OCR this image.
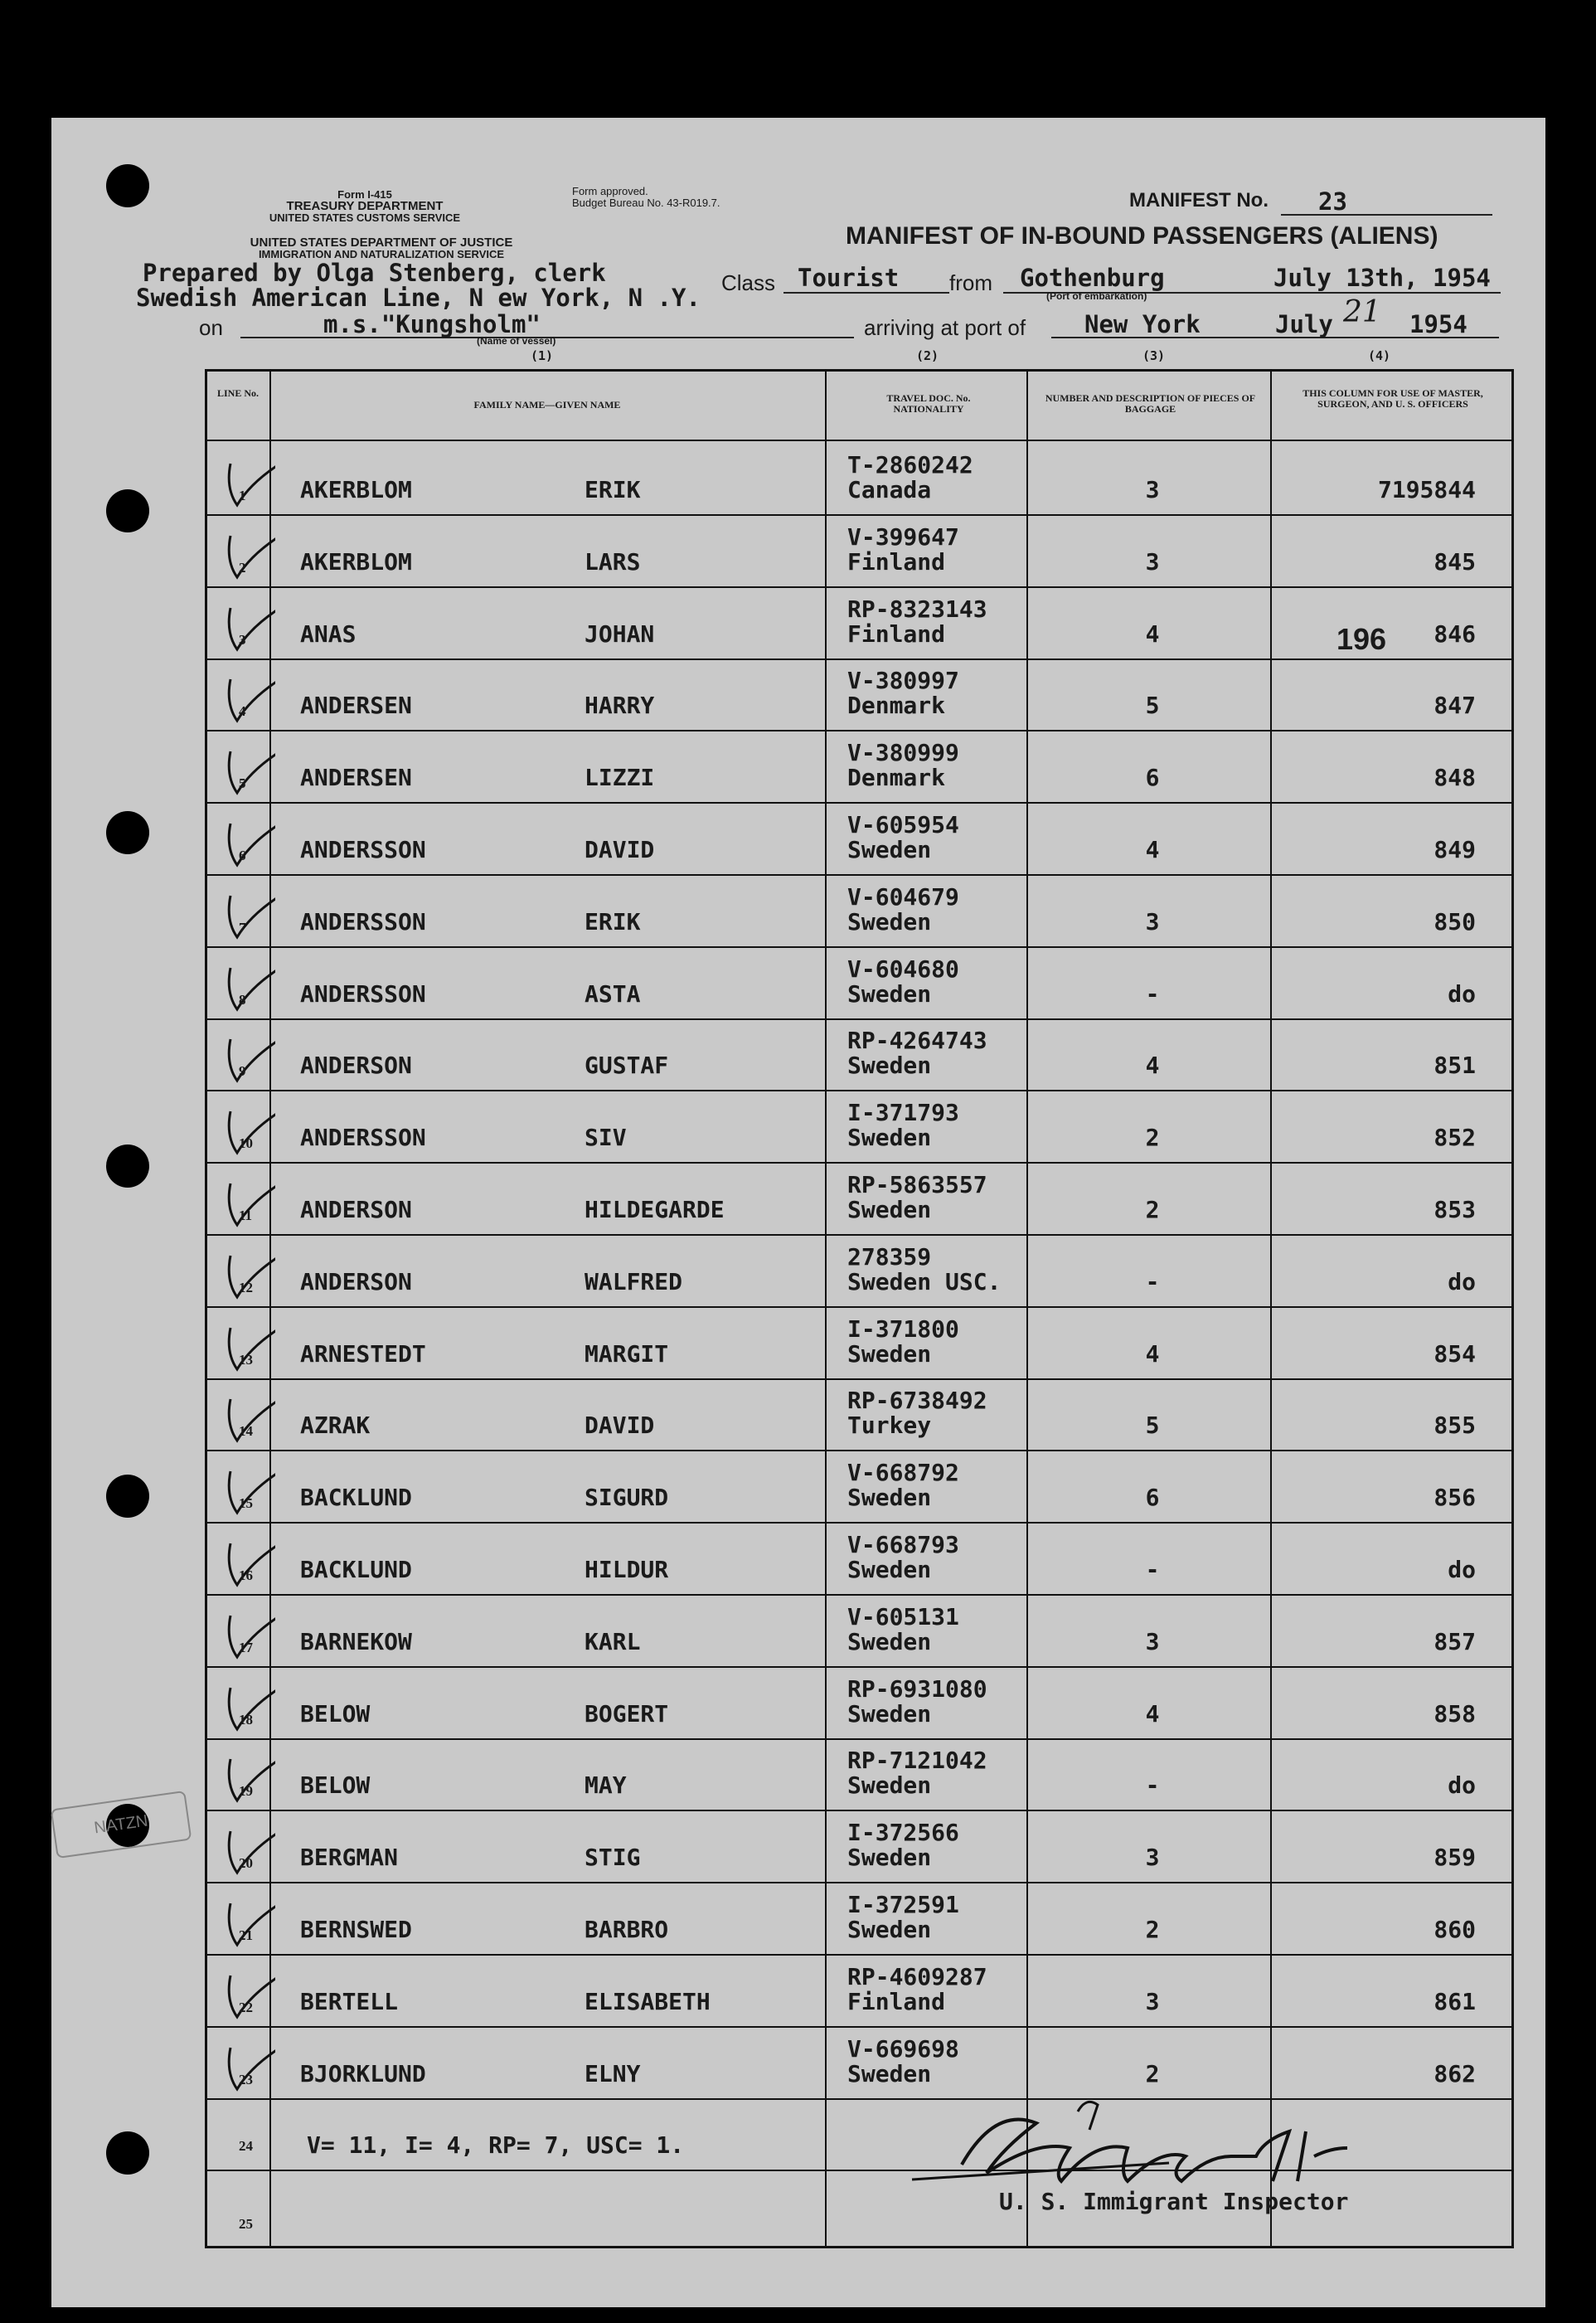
Form I-415
TREASURY DEPARTMENT
UNITED STATES CUSTOMS SERVICE
Form approved.
Budget Bureau No. 43-R019.7.
UNITED STATES DEPARTMENT OF JUSTICE
IMMIGRATION AND NATURALIZATION SERVICE
MANIFEST No. 23
MANIFEST OF IN-BOUND PASSENGERS (ALIENS)
Prepared by Olga Stenberg, clerk
Swedish American Line, N ew York, N .Y.
Class Tourist from Gothenburg
(Port of embarkation)
July 13th, 1954
on	m.s."Kungsholm"
(Name of vessel)
arriving at port of New York	July 21 1954
(1)	(2)	(3)	(4)
LINE No.
FAMILY NAME—GIVEN NAME
TRAVEL DOC. No. NATIONALITY
NUMBER AND DESCRIPTION OF PIECES OF BAGGAGE
THIS COLUMN FOR USE OF MASTER, SURGEON, AND U. S. OFFICERS
1 AKERBLOM	ERIK
T-2860242
Canada	3	7195844
2 AKERBLOM	LARS
V-399647
Finland	3	845
3 ANAS	JOHAN
RP-8323143
Finland	4	846
4 ANDERSEN	HARRY
V-380997
Denmark	5	847
5 ANDERSEN	LIZZI
V-380999
Denmark	6	848
6 ANDERSSON	DAVID
V-605954
Sweden	4	849
7 ANDERSSON	ERIK
V-604679
Sweden	3	850
8 ANDERSSON	ASTA
V-604680
Sweden	-	do
9 ANDERSON	GUSTAF
RP-4264743
Sweden	4	851
10 ANDERSSON	SIV
I-371793
Sweden	2	852
11 ANDERSON	HILDEGARDE
RP-5863557
Sweden	2	853
12 ANDERSON	WALFRED
278359
Sweden USC.	-	do
13 ARNESTEDT	MARGIT
I-371800
Sweden	4	854
14 AZRAK	DAVID
RP-6738492
Turkey	5	855
15 BACKLUND	SIGURD
V-668792
Sweden	6	856
16 BACKLUND	HILDUR
V-668793
Sweden	-	do
17 BARNEKOW	KARL
V-605131
Sweden	3	857
18 BELOW	BOGERT
RP-6931080
Sweden	4	858
19 BELOW	MAY
RP-7121042
Sweden	-	do
20 BERGMAN	STIG
I-372566
Sweden	3	859
21 BERNSWED	BARBRO
I-372591
Sweden	2	860
22 BERTELL	ELISABETH
RP-4609287
Finland	3	861
23 BJORKLUND	ELNY
V-669698
Sweden	2	862
24 V= 11, I= 4, RP= 7, USC= 1.
25
U. S. Immigrant Inspector
196
NATZN
